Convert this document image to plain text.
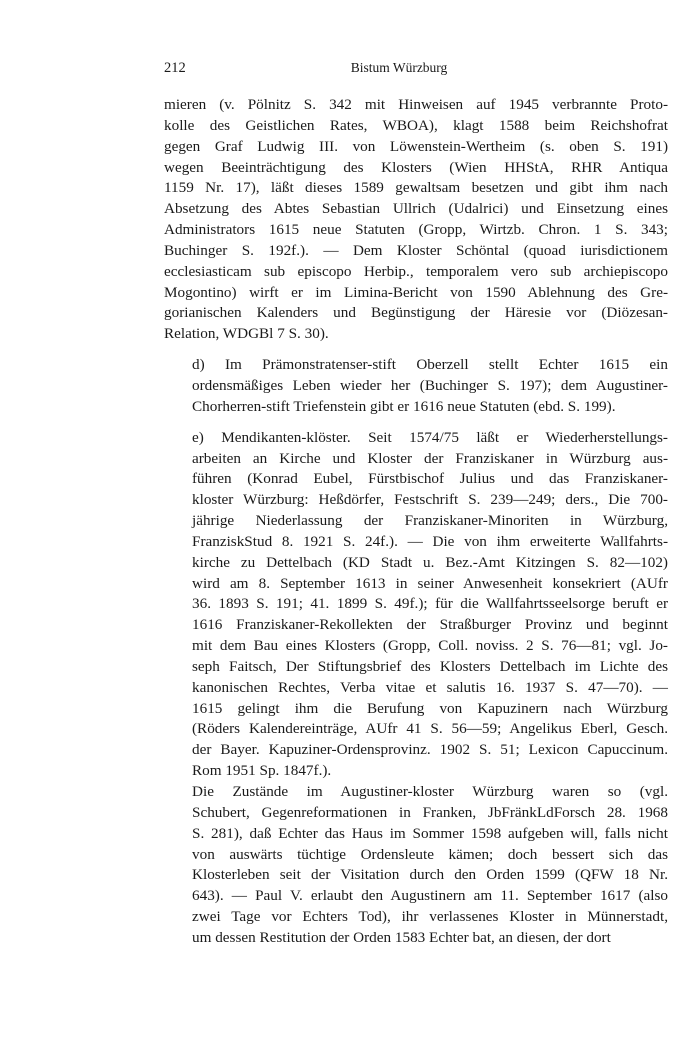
212	Bistum Würzburg
mieren (v. Pölnitz S. 342 mit Hinweisen auf 1945 verbrannte Proto-
kolle des Geistlichen Rates, WBOA), klagt 1588 beim Reichshofrat
gegen Graf Ludwig III. von Löwenstein-Wertheim (s. oben S. 191)
wegen Beeinträchtigung des Klosters (Wien HHStA, RHR Antiqua
1159 Nr. 17), läßt dieses 1589 gewaltsam besetzen und gibt ihm nach
Absetzung des Abtes Sebastian Ullrich (Udalrici) und Einsetzung eines
Administrators 1615 neue Statuten (Gropp, Wirtzb. Chron. 1 S. 343;
Buchinger S. 192f.). — Dem Kloster Schöntal (quoad iurisdictionem
ecclesiasticam sub episcopo Herbip., temporalem vero sub archiepiscopo
Mogontino) wirft er im Limina-Bericht von 1590 Ablehnung des Gre-
gorianischen Kalenders und Begünstigung der Häresie vor (Diözesan-
Relation, WDGBl 7 S. 30).
d) Im Prämonstratenser-stift Oberzell stellt Echter 1615 ein
ordensmäßiges Leben wieder her (Buchinger S. 197); dem Augustiner-
Chorherren-stift Triefenstein gibt er 1616 neue Statuten (ebd. S. 199).
e) Mendikanten-klöster. Seit 1574/75 läßt er Wiederherstellungs-
arbeiten an Kirche und Kloster der Franziskaner in Würzburg aus-
führen (Konrad Eubel, Fürstbischof Julius und das Franziskaner-
kloster Würzburg: Heßdörfer, Festschrift S. 239—249; ders., Die 700-
jährige Niederlassung der Franziskaner-Minoriten in Würzburg,
FranziskStud 8. 1921 S. 24f.). — Die von ihm erweiterte Wallfahrts-
kirche zu Dettelbach (KD Stadt u. Bez.-Amt Kitzingen S. 82—102)
wird am 8. September 1613 in seiner Anwesenheit konsekriert (AUfr
36. 1893 S. 191; 41. 1899 S. 49f.); für die Wallfahrtsseelsorge beruft er
1616 Franziskaner-Rekollekten der Straßburger Provinz und beginnt
mit dem Bau eines Klosters (Gropp, Coll. noviss. 2 S. 76—81; vgl. Jo-
seph Faitsch, Der Stiftungsbrief des Klosters Dettelbach im Lichte des
kanonischen Rechtes, Verba vitae et salutis 16. 1937 S. 47—70). —
1615 gelingt ihm die Berufung von Kapuzinern nach Würzburg
(Röders Kalendereinträge, AUfr 41 S. 56—59; Angelikus Eberl, Gesch.
der Bayer. Kapuziner-Ordensprovinz. 1902 S. 51; Lexicon Capuccinum.
Rom 1951 Sp. 1847f.).
Die Zustände im Augustiner-kloster Würzburg waren so (vgl.
Schubert, Gegenreformationen in Franken, JbFränkLdForsch 28. 1968
S. 281), daß Echter das Haus im Sommer 1598 aufgeben will, falls nicht
von auswärts tüchtige Ordensleute kämen; doch bessert sich das
Klosterleben seit der Visitation durch den Orden 1599 (QFW 18 Nr.
643). — Paul V. erlaubt den Augustinern am 11. September 1617 (also
zwei Tage vor Echters Tod), ihr verlassenes Kloster in Münnerstadt,
um dessen Restitution der Orden 1583 Echter bat, an diesen, der dort
